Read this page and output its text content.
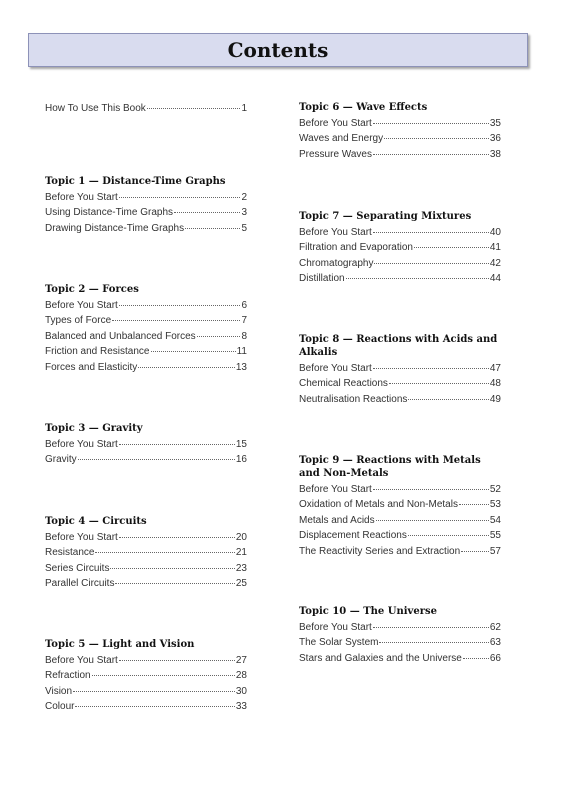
Contents
How To Use This Book	1
Topic 1 — Distance-Time Graphs
Before You Start	2
Using Distance-Time Graphs	3
Drawing Distance-Time Graphs	5
Topic 2 — Forces
Before You Start	6
Types of Force	7
Balanced and Unbalanced Forces	8
Friction and Resistance	11
Forces and Elasticity	13
Topic 3 — Gravity
Before You Start	15
Gravity	16
Topic 4 — Circuits
Before You Start	20
Resistance	21
Series Circuits	23
Parallel Circuits	25
Topic 5 — Light and Vision
Before You Start	27
Refraction	28
Vision	30
Colour	33
Topic 6 — Wave Effects
Before You Start	35
Waves and Energy	36
Pressure Waves	38
Topic 7 — Separating Mixtures
Before You Start	40
Filtration and Evaporation	41
Chromatography	42
Distillation	44
Topic 8 — Reactions with Acids and Alkalis
Before You Start	47
Chemical Reactions	48
Neutralisation Reactions	49
Topic 9 — Reactions with Metals and Non-Metals
Before You Start	52
Oxidation of Metals and Non-Metals	53
Metals and Acids	54
Displacement Reactions	55
The Reactivity Series and Extraction	57
Topic 10 — The Universe
Before You Start	62
The Solar System	63
Stars and Galaxies and the Universe	66
